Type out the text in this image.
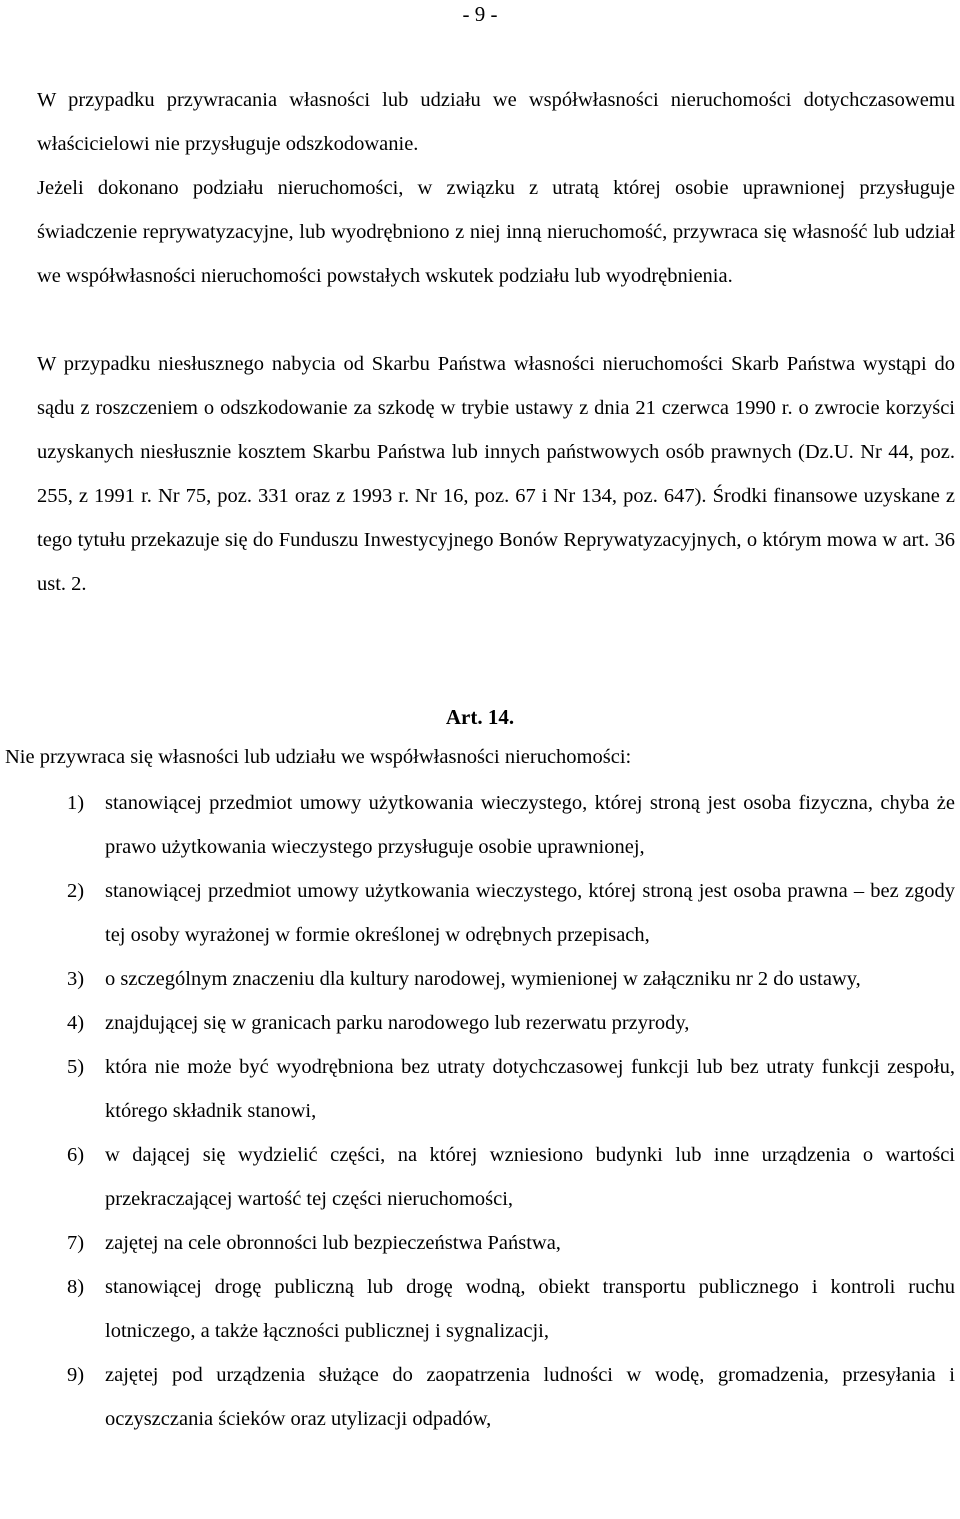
- 9 -

W przypadku przywracania własności lub udziału we współwłasności nieruchomości dotychczasowemu właścicielowi nie przysługuje odszkodowanie.

Jeżeli dokonano podziału nieruchomości, w związku z utratą której osobie uprawnionej przysługuje świadczenie reprywatyzacyjne, lub wyodrębniono z niej inną nieruchomość, przywraca się własność lub udział we współwłasności nieruchomości powstałych wskutek podziału lub wyodrębnienia.

W przypadku niesłusznego nabycia od Skarbu Państwa własności nieruchomości Skarb Państwa wystąpi do sądu z roszczeniem o odszkodowanie za szkodę w trybie ustawy z dnia 21 czerwca 1990 r. o zwrocie korzyści uzyskanych niesłusznie kosztem Skarbu Państwa lub innych państwowych osób prawnych (Dz.U. Nr 44, poz. 255, z 1991 r. Nr 75, poz. 331 oraz z 1993 r. Nr 16, poz. 67 i Nr 134, poz. 647). Środki finansowe uzyskane z tego tytułu przekazuje się do Funduszu Inwestycyjnego Bonów Reprywatyzacyjnych, o którym mowa w art. 36 ust. 2.

Art. 14.

Nie przywraca się własności lub udziału we współwłasności nieruchomości:

1) stanowiącej przedmiot umowy użytkowania wieczystego, której stroną jest osoba fizyczna, chyba że prawo użytkowania wieczystego przysługuje osobie uprawnionej,
2) stanowiącej przedmiot umowy użytkowania wieczystego, której stroną jest osoba prawna – bez zgody tej osoby wyrażonej w formie określonej w odrębnych przepisach,
3) o szczególnym znaczeniu dla kultury narodowej, wymienionej w załączniku nr 2 do ustawy,
4) znajdującej się w granicach parku narodowego lub rezerwatu przyrody,
5) która nie może być wyodrębniona bez utraty dotychczasowej funkcji lub bez utraty funkcji zespołu, którego składnik stanowi,
6) w dającej się wydzielić części, na której wzniesiono budynki lub inne urządzenia o wartości przekraczającej wartość tej części nieruchomości,
7) zajętej na cele obronności lub bezpieczeństwa Państwa,
8) stanowiącej drogę publiczną lub drogę wodną, obiekt transportu publicznego i kontroli ruchu lotniczego, a także łączności publicznej i sygnalizacji,
9) zajętej pod urządzenia służące do zaopatrzenia ludności w wodę, gromadzenia, przesyłania i oczyszczania ścieków oraz utylizacji odpadów,
